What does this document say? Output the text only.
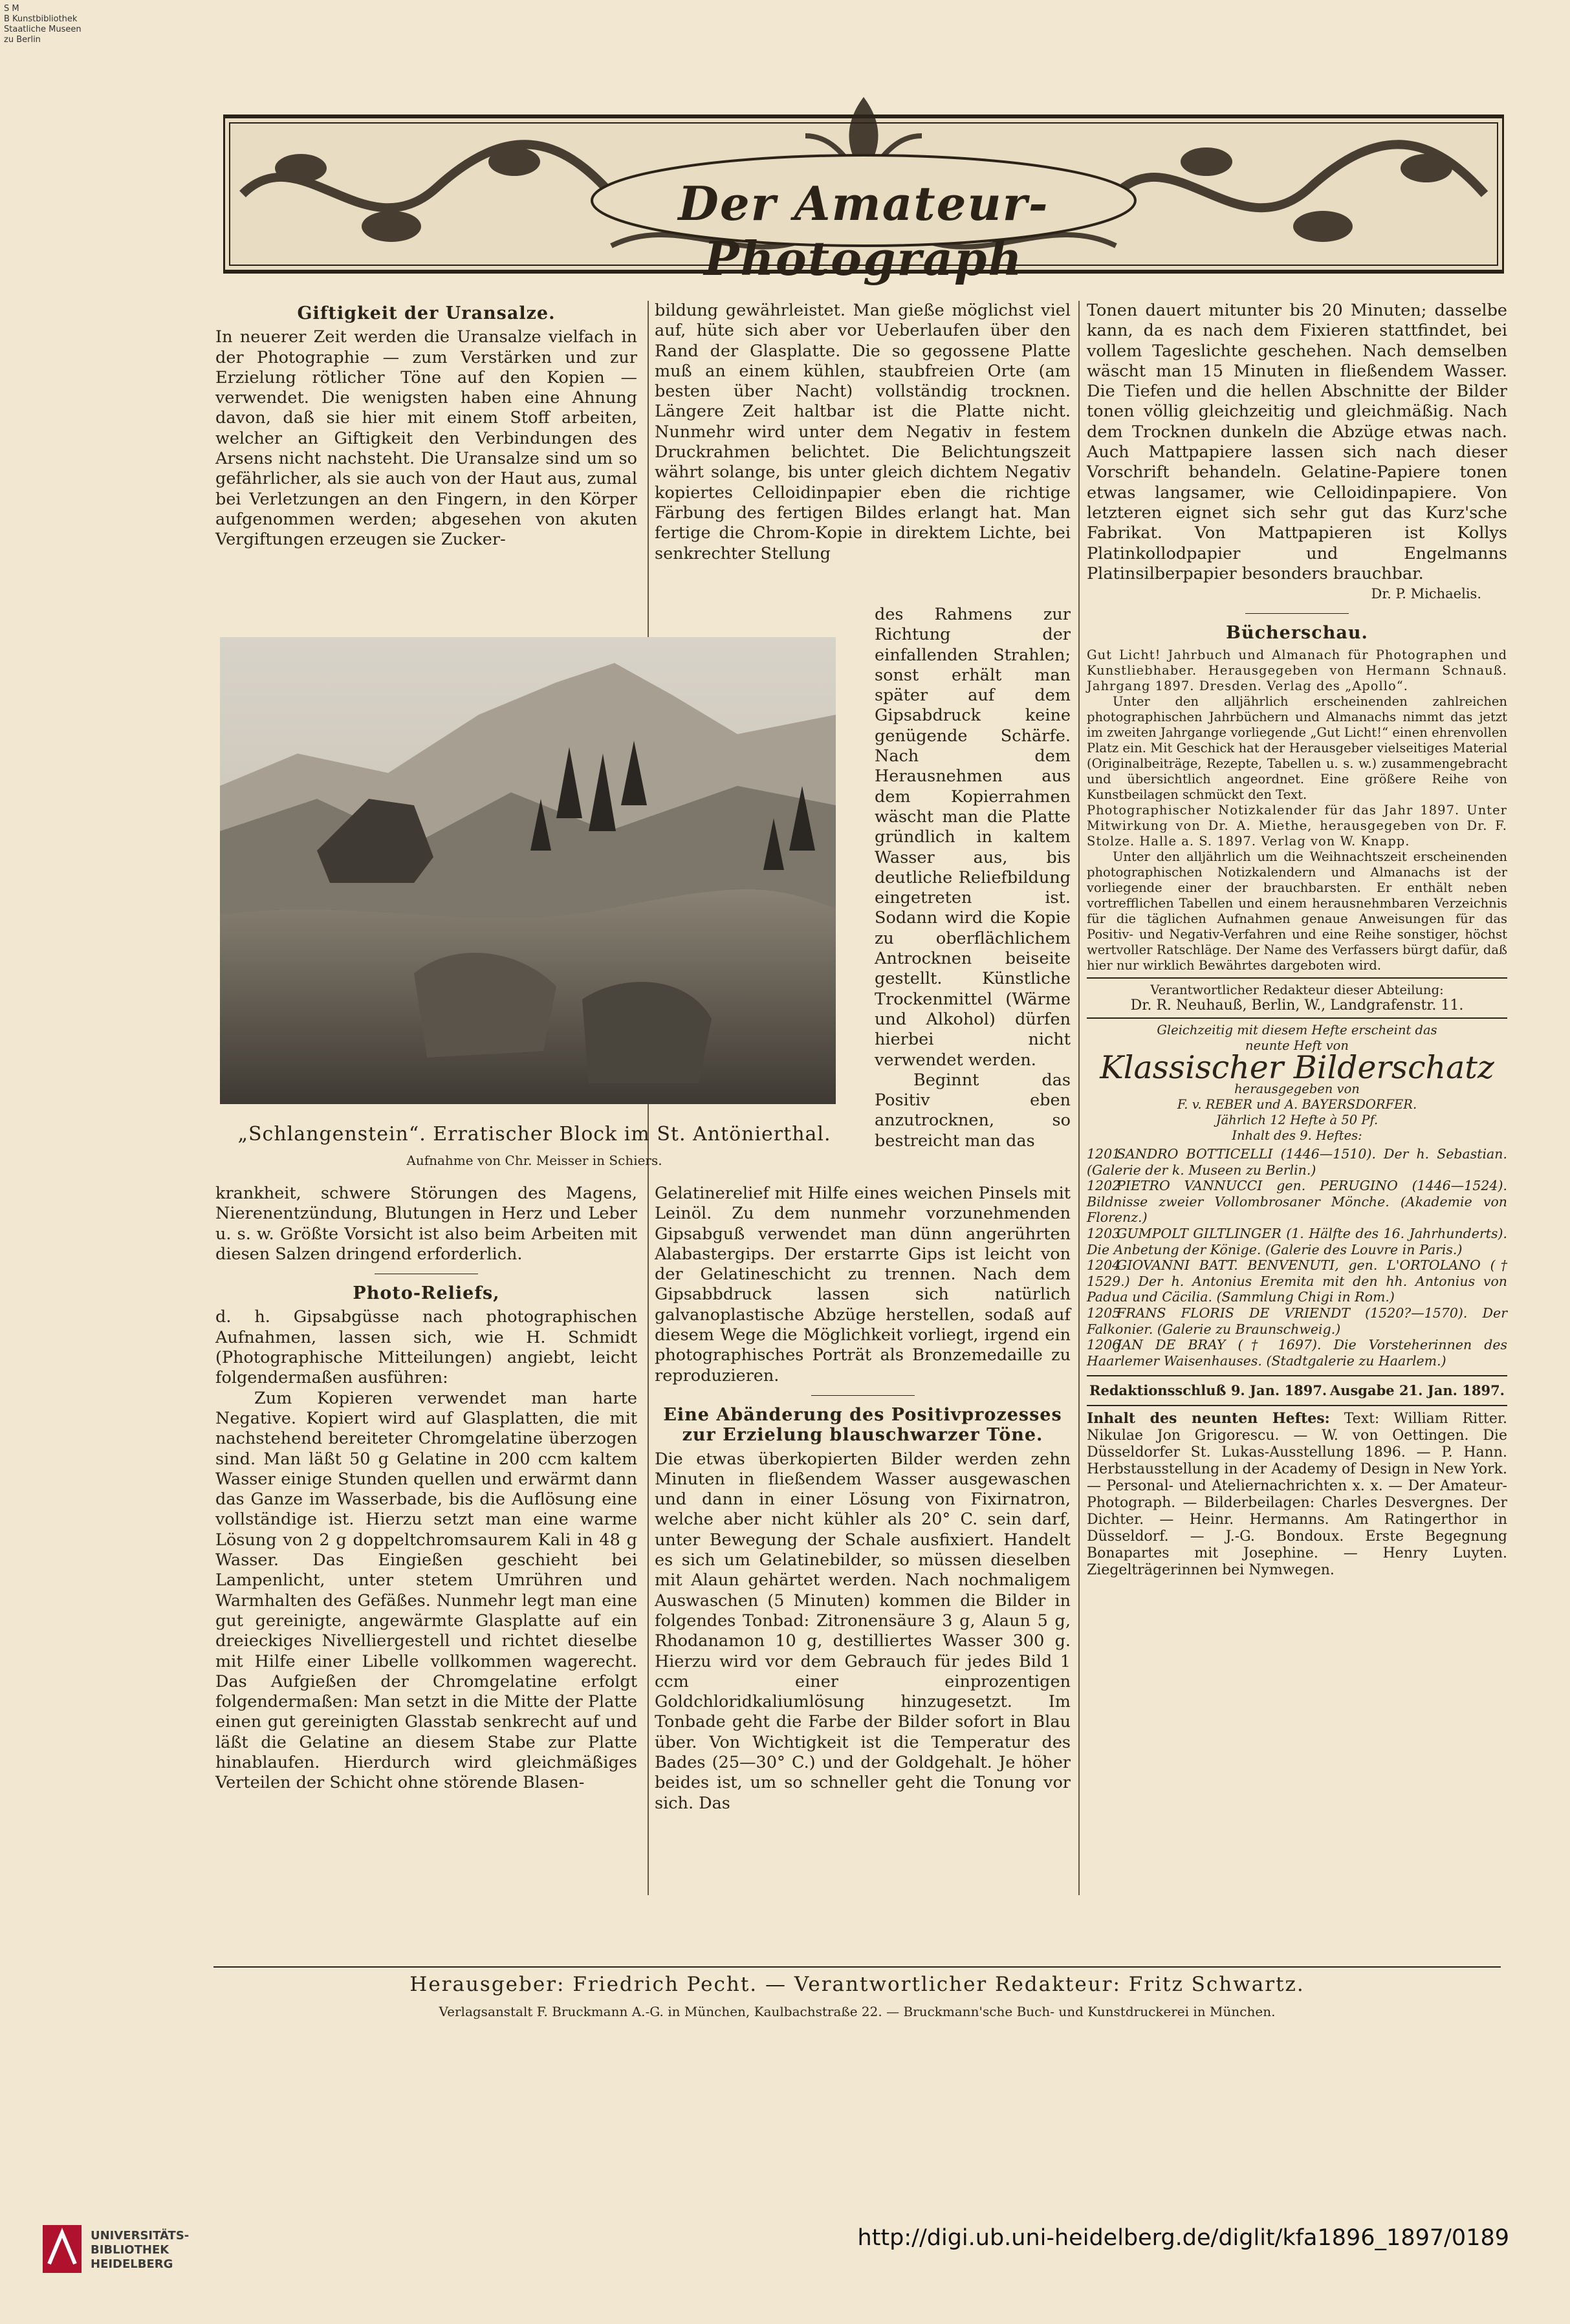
S M
B Kunstbibliothek
Staatliche Museen
zu Berlin
Der Amateur-Photograph
Giftigkeit der Uransalze.

In neuerer Zeit werden die Uransalze vielfach in der Photographie — zum Verstärken und zur Erzielung rötlicher Töne auf den Kopien — verwendet. Die wenigsten haben eine Ahnung davon, daß sie hier mit einem Stoff arbeiten, welcher an Giftigkeit den Verbindungen des Arsens nicht nachsteht. Die Uransalze sind um so gefährlicher, als sie auch von der Haut aus, zumal bei Verletzungen an den Fingern, in den Körper aufgenommen werden; abgesehen von akuten Vergiftungen erzeugen sie Zucker-

bildung gewährleistet. Man gieße möglichst viel auf, hüte sich aber vor Ueberlaufen über den Rand der Glasplatte. Die so gegossene Platte muß an einem kühlen, staubfreien Orte (am besten über Nacht) vollständig trocknen. Längere Zeit haltbar ist die Platte nicht. Nunmehr wird unter dem Negativ in festem Druckrahmen belichtet. Die Belichtungszeit währt solange, bis unter gleich dichtem Negativ kopiertes Celloidinpapier eben die richtige Färbung des fertigen Bildes erlangt hat. Man fertige die Chrom-Kopie in direktem Lichte, bei senkrechter Stellung

des Rahmens zur Richtung der einfallenden Strahlen; sonst erhält man später auf dem Gipsabdruck keine genügende Schärfe. Nach dem Herausnehmen aus dem Kopierrahmen wäscht man die Platte gründlich in kaltem Wasser aus, bis deutliche Reliefbildung eingetreten ist. Sodann wird die Kopie zu oberflächlichem Antrocknen beiseite gestellt. Künstliche Trockenmittel (Wärme und Alkohol) dürfen hierbei nicht verwendet werden.

Beginnt das Positiv eben anzutrocknen, so bestreicht man das

„Schlangenstein“. Erratischer Block im St. Antönierthal.
Aufnahme von Chr. Meisser in Schiers.

krankheit, schwere Störungen des Magens, Nierenentzündung, Blutungen in Herz und Leber u. s. w. Größte Vorsicht ist also beim Arbeiten mit diesen Salzen dringend erforderlich.

Photo-Reliefs,

d. h. Gipsabgüsse nach photographischen Aufnahmen, lassen sich, wie H. Schmidt (Photographische Mitteilungen) angiebt, leicht folgendermaßen ausführen:

Zum Kopieren verwendet man harte Negative. Kopiert wird auf Glasplatten, die mit nachstehend bereiteter Chromgelatine überzogen sind. Man läßt 50 g Gelatine in 200 ccm kaltem Wasser einige Stunden quellen und erwärmt dann das Ganze im Wasserbade, bis die Auflösung eine vollständige ist. Hierzu setzt man eine warme Lösung von 2 g doppeltchromsaurem Kali in 48 g Wasser. Das Eingießen geschieht bei Lampenlicht, unter stetem Umrühren und Warmhalten des Gefäßes. Nunmehr legt man eine gut gereinigte, angewärmte Glasplatte auf ein dreieckiges Nivelliergestell und richtet dieselbe mit Hilfe einer Libelle vollkommen wagerecht. Das Aufgießen der Chromgelatine erfolgt folgendermaßen: Man setzt in die Mitte der Platte einen gut gereinigten Glasstab senkrecht auf und läßt die Gelatine an diesem Stabe zur Platte hinablaufen. Hierdurch wird gleichmäßiges Verteilen der Schicht ohne störende Blasen-

Gelatinerelief mit Hilfe eines weichen Pinsels mit Leinöl. Zu dem nunmehr vorzunehmenden Gipsabguß verwendet man dünn angerührten Alabastergips. Der erstarrte Gips ist leicht von der Gelatineschicht zu trennen. Nach dem Gipsabbdruck lassen sich natürlich galvanoplastische Abzüge herstellen, sodaß auf diesem Wege die Möglichkeit vorliegt, irgend ein photographisches Porträt als Bronzemedaille zu reproduzieren.

Eine Abänderung des Positivprozesses zur Erzielung blauschwarzer Töne.

Die etwas überkopierten Bilder werden zehn Minuten in fließendem Wasser ausgewaschen und dann in einer Lösung von Fixirnatron, welche aber nicht kühler als 20° C. sein darf, unter Bewegung der Schale ausfixiert. Handelt es sich um Gelatinebilder, so müssen dieselben mit Alaun gehärtet werden. Nach nochmaligem Auswaschen (5 Minuten) kommen die Bilder in folgendes Tonbad: Zitronensäure 3 g, Alaun 5 g, Rhodanamon 10 g, destilliertes Wasser 300 g. Hierzu wird vor dem Gebrauch für jedes Bild 1 ccm einer einprozentigen Goldchloridkaliumlösung hinzugesetzt. Im Tonbade geht die Farbe der Bilder sofort in Blau über. Von Wichtigkeit ist die Temperatur des Bades (25—30° C.) und der Goldgehalt. Je höher beides ist, um so schneller geht die Tonung vor sich. Das

Tonen dauert mitunter bis 20 Minuten; dasselbe kann, da es nach dem Fixieren stattfindet, bei vollem Tageslichte geschehen. Nach demselben wäscht man 15 Minuten in fließendem Wasser. Die Tiefen und die hellen Abschnitte der Bilder tonen völlig gleichzeitig und gleichmäßig. Nach dem Trocknen dunkeln die Abzüge etwas nach. Auch Mattpapiere lassen sich nach dieser Vorschrift behandeln. Gelatine-Papiere tonen etwas langsamer, wie Celloidinpapiere. Von letzteren eignet sich sehr gut das Kurz'sche Fabrikat. Von Mattpapieren ist Kollys Platinkollodpapier und Engelmanns Platinsilberpapier besonders brauchbar.

Dr. P. Michaelis.
Bücherschau.

Gut Licht! Jahrbuch und Almanach für Photographen und Kunstliebhaber. Herausgegeben von Hermann Schnauß. Jahrgang 1897. Dresden. Verlag des „Apollo“.

Unter den alljährlich erscheinenden zahlreichen photographischen Jahrbüchern und Almanachs nimmt das jetzt im zweiten Jahrgange vorliegende „Gut Licht!“ einen ehrenvollen Platz ein. Mit Geschick hat der Herausgeber vielseitiges Material (Originalbeiträge, Rezepte, Tabellen u. s. w.) zusammengebracht und übersichtlich angeordnet. Eine größere Reihe von Kunstbeilagen schmückt den Text.

Photographischer Notizkalender für das Jahr 1897. Unter Mitwirkung von Dr. A. Miethe, herausgegeben von Dr. F. Stolze. Halle a. S. 1897. Verlag von W. Knapp.

Unter den alljährlich um die Weihnachtszeit erscheinenden photographischen Notizkalendern und Almanachs ist der vorliegende einer der brauchbarsten. Er enthält neben vortrefflichen Tabellen und einem herausnehmbaren Verzeichnis für die täglichen Aufnahmen genaue Anweisungen für das Positiv- und Negativ-Verfahren und eine Reihe sonstiger, höchst wertvoller Ratschläge. Der Name des Verfassers bürgt dafür, daß hier nur wirklich Bewährtes dargeboten wird.

Verantwortlicher Redakteur dieser Abteilung:
Dr. R. Neuhauß, Berlin, W., Landgrafenstr. 11.
Gleichzeitig mit diesem Hefte erscheint das
neunte Heft von
Klassischer Bilderschatz
herausgegeben von
F. v. REBER und A. BAYERSDORFER.
Jährlich 12 Hefte à 50 Pf.
Inhalt des 9. Heftes:
1201SANDRO BOTTICELLI (1446—1510). Der h. Sebastian. (Galerie der k. Museen zu Berlin.)
1202PIETRO VANNUCCI gen. PERUGINO (1446—1524). Bildnisse zweier Vollombrosaner Mönche. (Akademie von Florenz.)
1203GUMPOLT GILTLINGER (1. Hälfte des 16. Jahrhunderts). Die Anbetung der Könige. (Galerie des Louvre in Paris.)
1204GIOVANNI BATT. BENVENUTI, gen. L'ORTOLANO († 1529.) Der h. Antonius Eremita mit den hh. Antonius von Padua und Cäcilia. (Sammlung Chigi in Rom.)
1205FRANS FLORIS DE VRIENDT (1520?—1570). Der Falkonier. (Galerie zu Braunschweig.)
1206JAN DE BRAY († 1697). Die Vorsteherinnen des Haarlemer Waisenhauses. (Stadtgalerie zu Haarlem.)
Redaktionsschluß 9. Jan. 1897. Ausgabe 21. Jan. 1897.

Inhalt des neunten Heftes: Text: William Ritter. Nikulae Jon Grigorescu. — W. von Oettingen. Die Düsseldorfer St. Lukas-Ausstellung 1896. — P. Hann. Herbstausstellung in der Academy of Design in New York. — Personal- und Ateliernachrichten x. x. — Der Amateur-Photograph. — Bilderbeilagen: Charles Desvergnes. Der Dichter. — Heinr. Hermanns. Am Ratingerthor in Düsseldorf. — J.-G. Bondoux. Erste Begegnung Bonapartes mit Josephine. — Henry Luyten. Ziegelträgerinnen bei Nymwegen.

Herausgeber: Friedrich Pecht. — Verantwortlicher Redakteur: Fritz Schwartz.
Verlagsanstalt F. Bruckmann A.-G. in München, Kaulbachstraße 22. — Bruckmann'sche Buch- und Kunstdruckerei in München.
UNIVERSITÄTS-
BIBLIOTHEK
HEIDELBERG
http://digi.ub.uni-heidelberg.de/diglit/kfa1896_1897/0189
